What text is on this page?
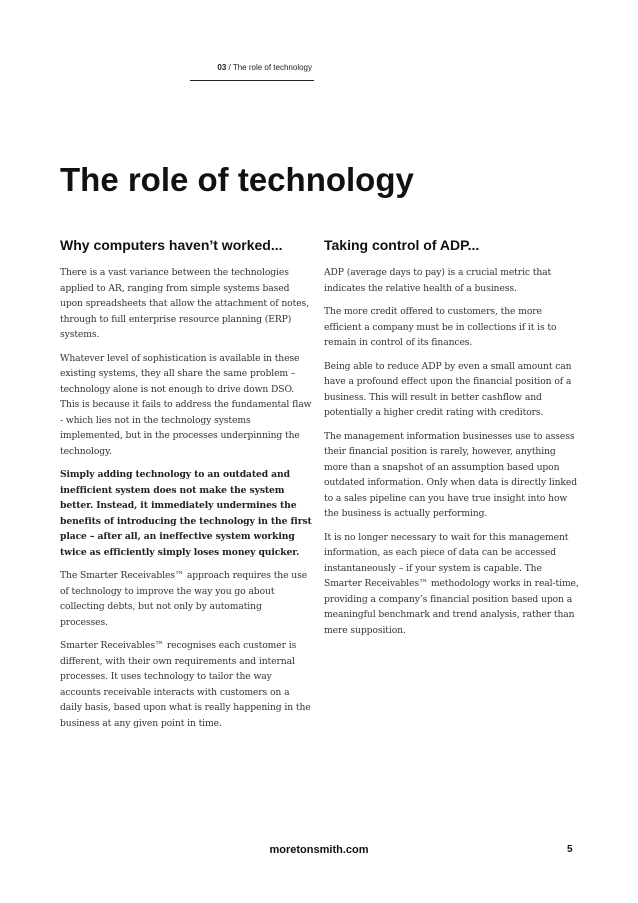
03 / The role of technology
The role of technology
Why computers haven’t worked...

There is a vast variance between the technologies applied to AR, ranging from simple systems based upon spreadsheets that allow the attachment of notes, through to full enterprise resource planning (ERP) systems.

Whatever level of sophistication is available in these existing systems, they all share the same problem – technology alone is not enough to drive down DSO. This is because it fails to address the fundamental flaw - which lies not in the technology systems implemented, but in the processes underpinning the technology.

Simply adding technology to an outdated and inefficient system does not make the system better. Instead, it immediately undermines the benefits of introducing the technology in the first place – after all, an ineffective system working twice as efficiently simply loses money quicker.

The Smarter Receivables™ approach requires the use of technology to improve the way you go about collecting debts, but not only by automating processes.

Smarter Receivables™ recognises each customer is different, with their own requirements and internal processes. It uses technology to tailor the way accounts receivable interacts with customers on a daily basis, based upon what is really happening in the business at any given point in time.

Taking control of ADP...

ADP (average days to pay) is a crucial metric that indicates the relative health of a business.

The more credit offered to customers, the more efficient a company must be in collections if it is to remain in control of its finances.

Being able to reduce ADP by even a small amount can have a profound effect upon the financial position of a business. This will result in better cashflow and potentially a higher credit rating with creditors.

The management information businesses use to assess their financial position is rarely, however, anything more than a snapshot of an assumption based upon outdated information. Only when data is directly linked to a sales pipeline can you have true insight into how the business is actually performing.

It is no longer necessary to wait for this management information, as each piece of data can be accessed instantaneously – if your system is capable. The Smarter Receivables™ methodology works in real-time, providing a company’s financial position based upon a meaningful benchmark and trend analysis, rather than mere supposition.

moretonsmith.com	5
